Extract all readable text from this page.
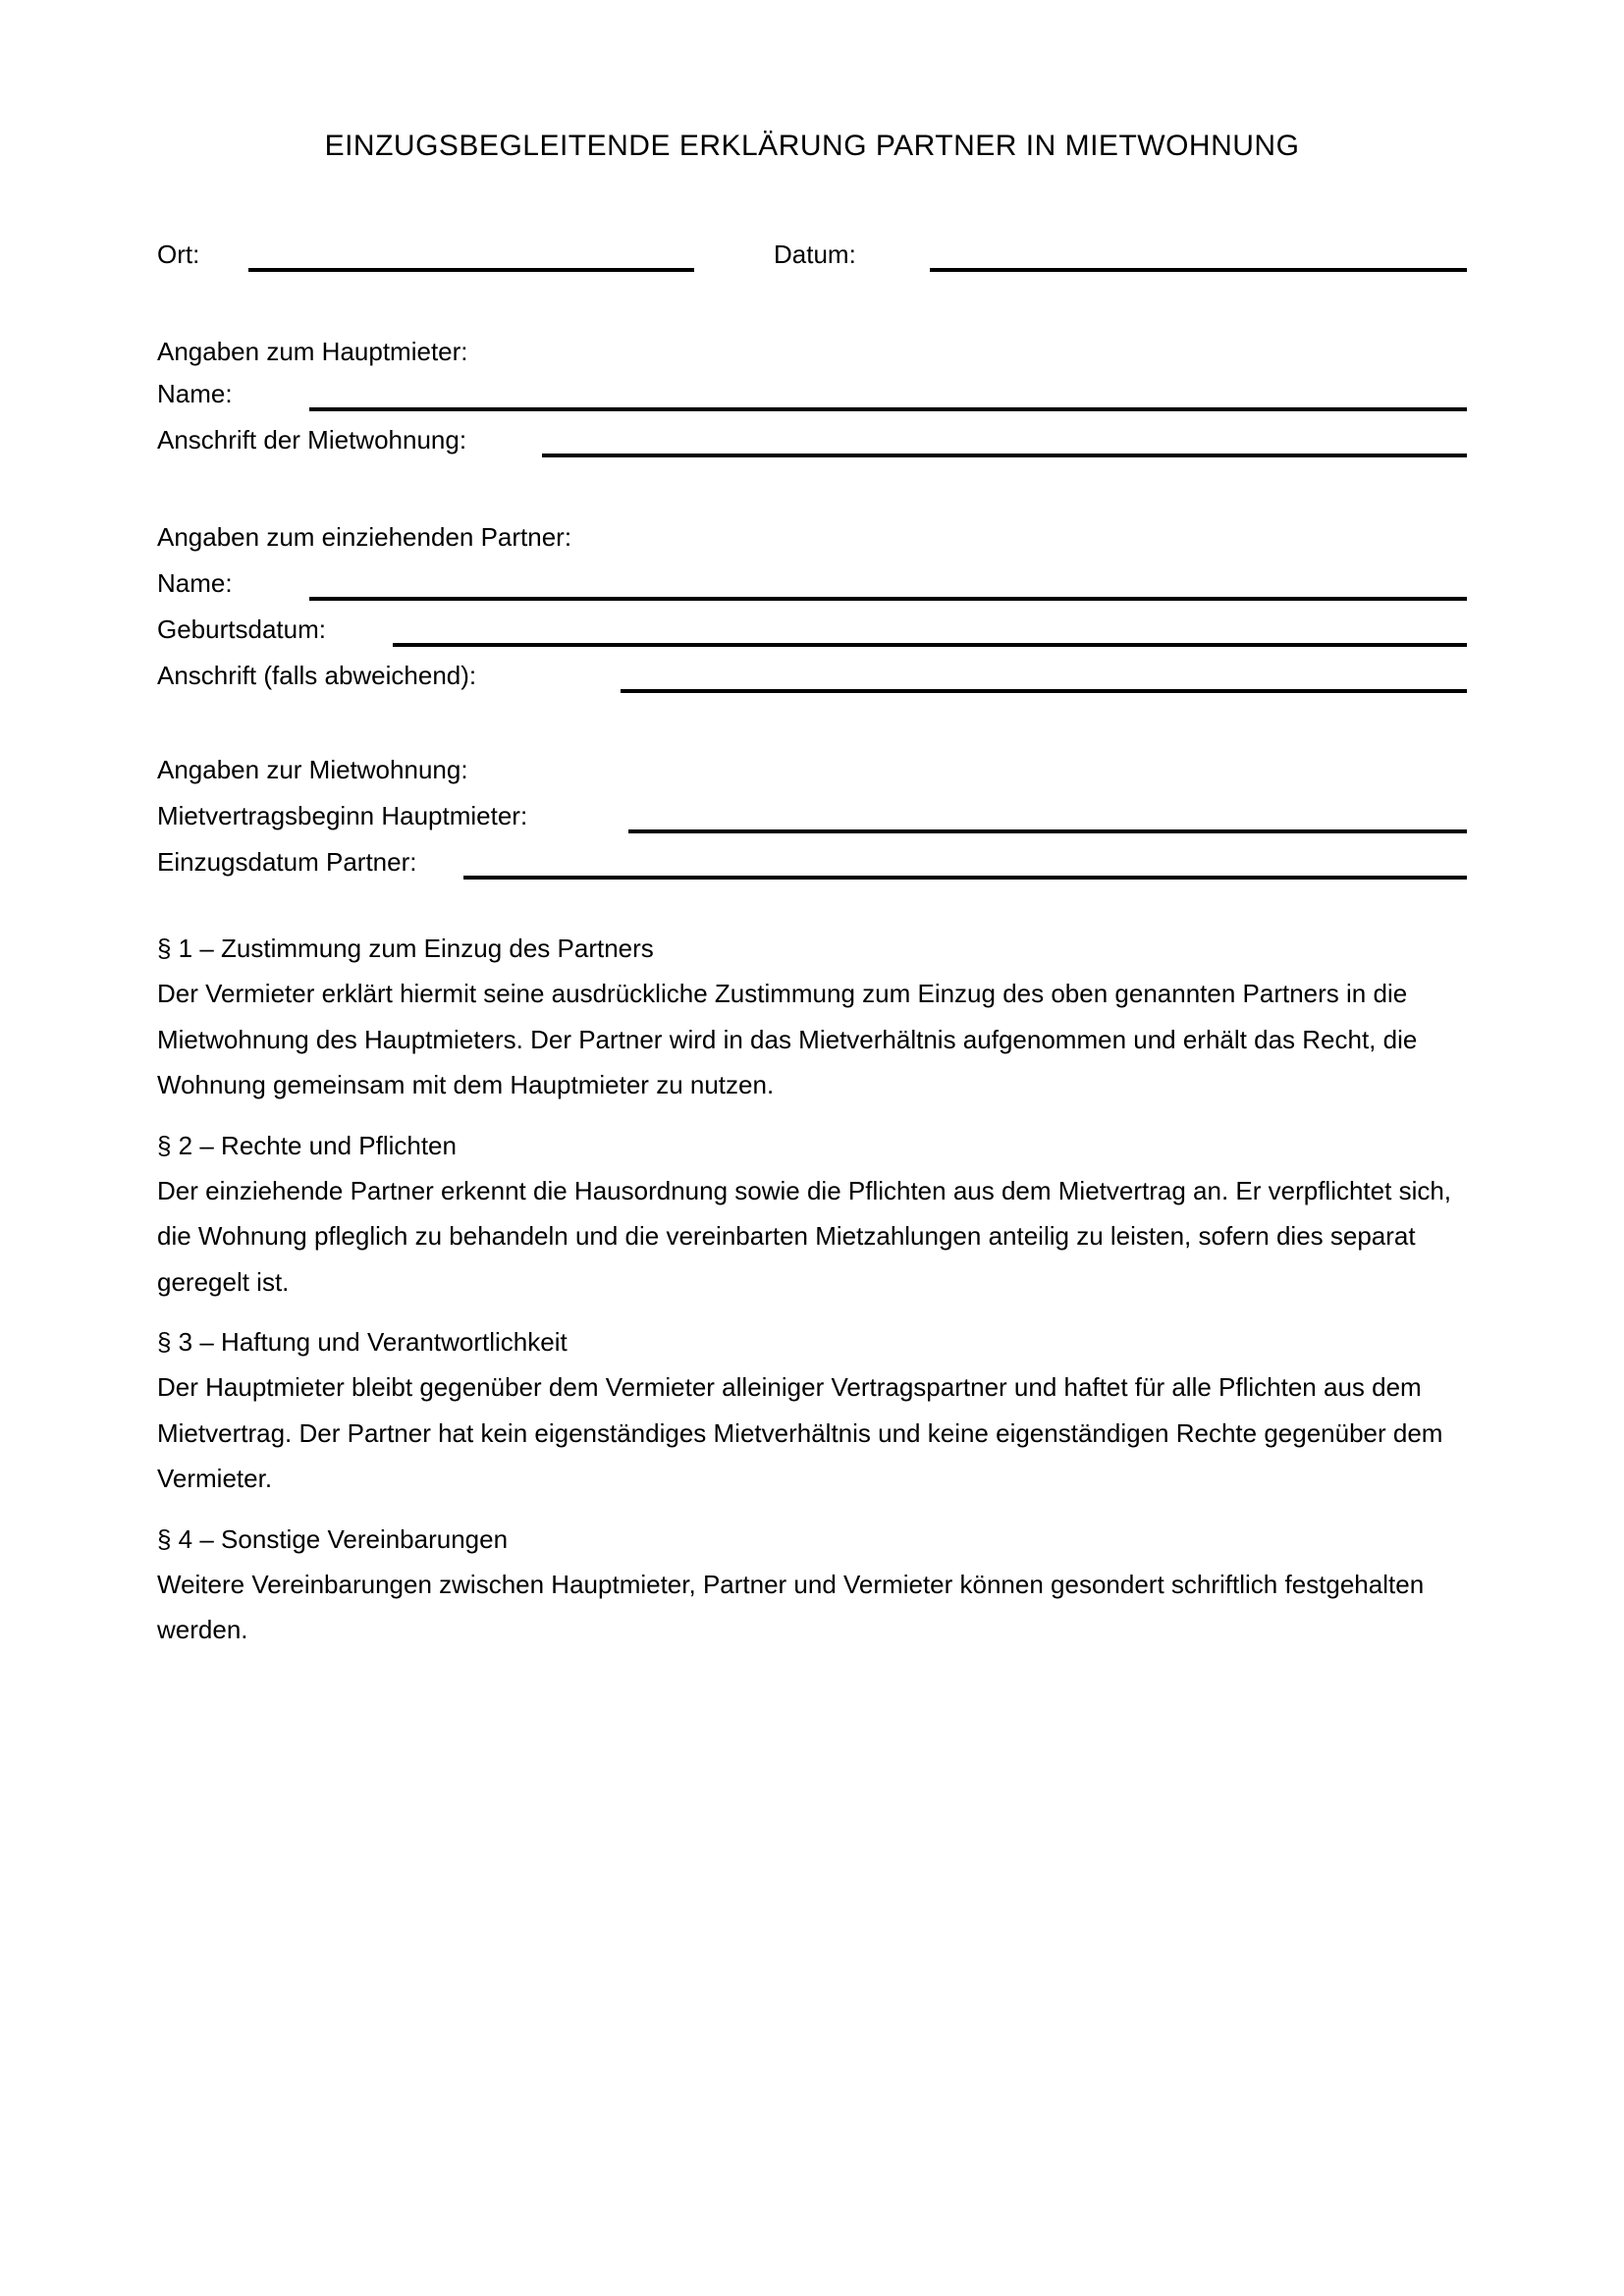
EINZUGSBEGLEITENDE ERKLÄRUNG PARTNER IN MIETWOHNUNG
Ort:	Datum:
Angaben zum Hauptmieter:
Name:
Anschrift der Mietwohnung:
Angaben zum einziehenden Partner:
Name:
Geburtsdatum:
Anschrift (falls abweichend):
Angaben zur Mietwohnung:
Mietvertragsbeginn Hauptmieter:
Einzugsdatum Partner:
§ 1 – Zustimmung zum Einzug des Partners

Der Vermieter erklärt hiermit seine ausdrückliche Zustimmung zum Einzug des oben genannten Partners in die Mietwohnung des Hauptmieters. Der Partner wird in das Mietverhältnis aufgenommen und erhält das Recht, die Wohnung gemeinsam mit dem Hauptmieter zu nutzen.

§ 2 – Rechte und Pflichten

Der einziehende Partner erkennt die Hausordnung sowie die Pflichten aus dem Mietvertrag an. Er verpflichtet sich, die Wohnung pfleglich zu behandeln und die vereinbarten Mietzahlungen anteilig zu leisten, sofern dies separat geregelt ist.

§ 3 – Haftung und Verantwortlichkeit

Der Hauptmieter bleibt gegenüber dem Vermieter alleiniger Vertragspartner und haftet für alle Pflichten aus dem Mietvertrag. Der Partner hat kein eigenständiges Mietverhältnis und keine eigenständigen Rechte gegenüber dem Vermieter.

§ 4 – Sonstige Vereinbarungen

Weitere Vereinbarungen zwischen Hauptmieter, Partner und Vermieter können gesondert schriftlich festgehalten werden.
